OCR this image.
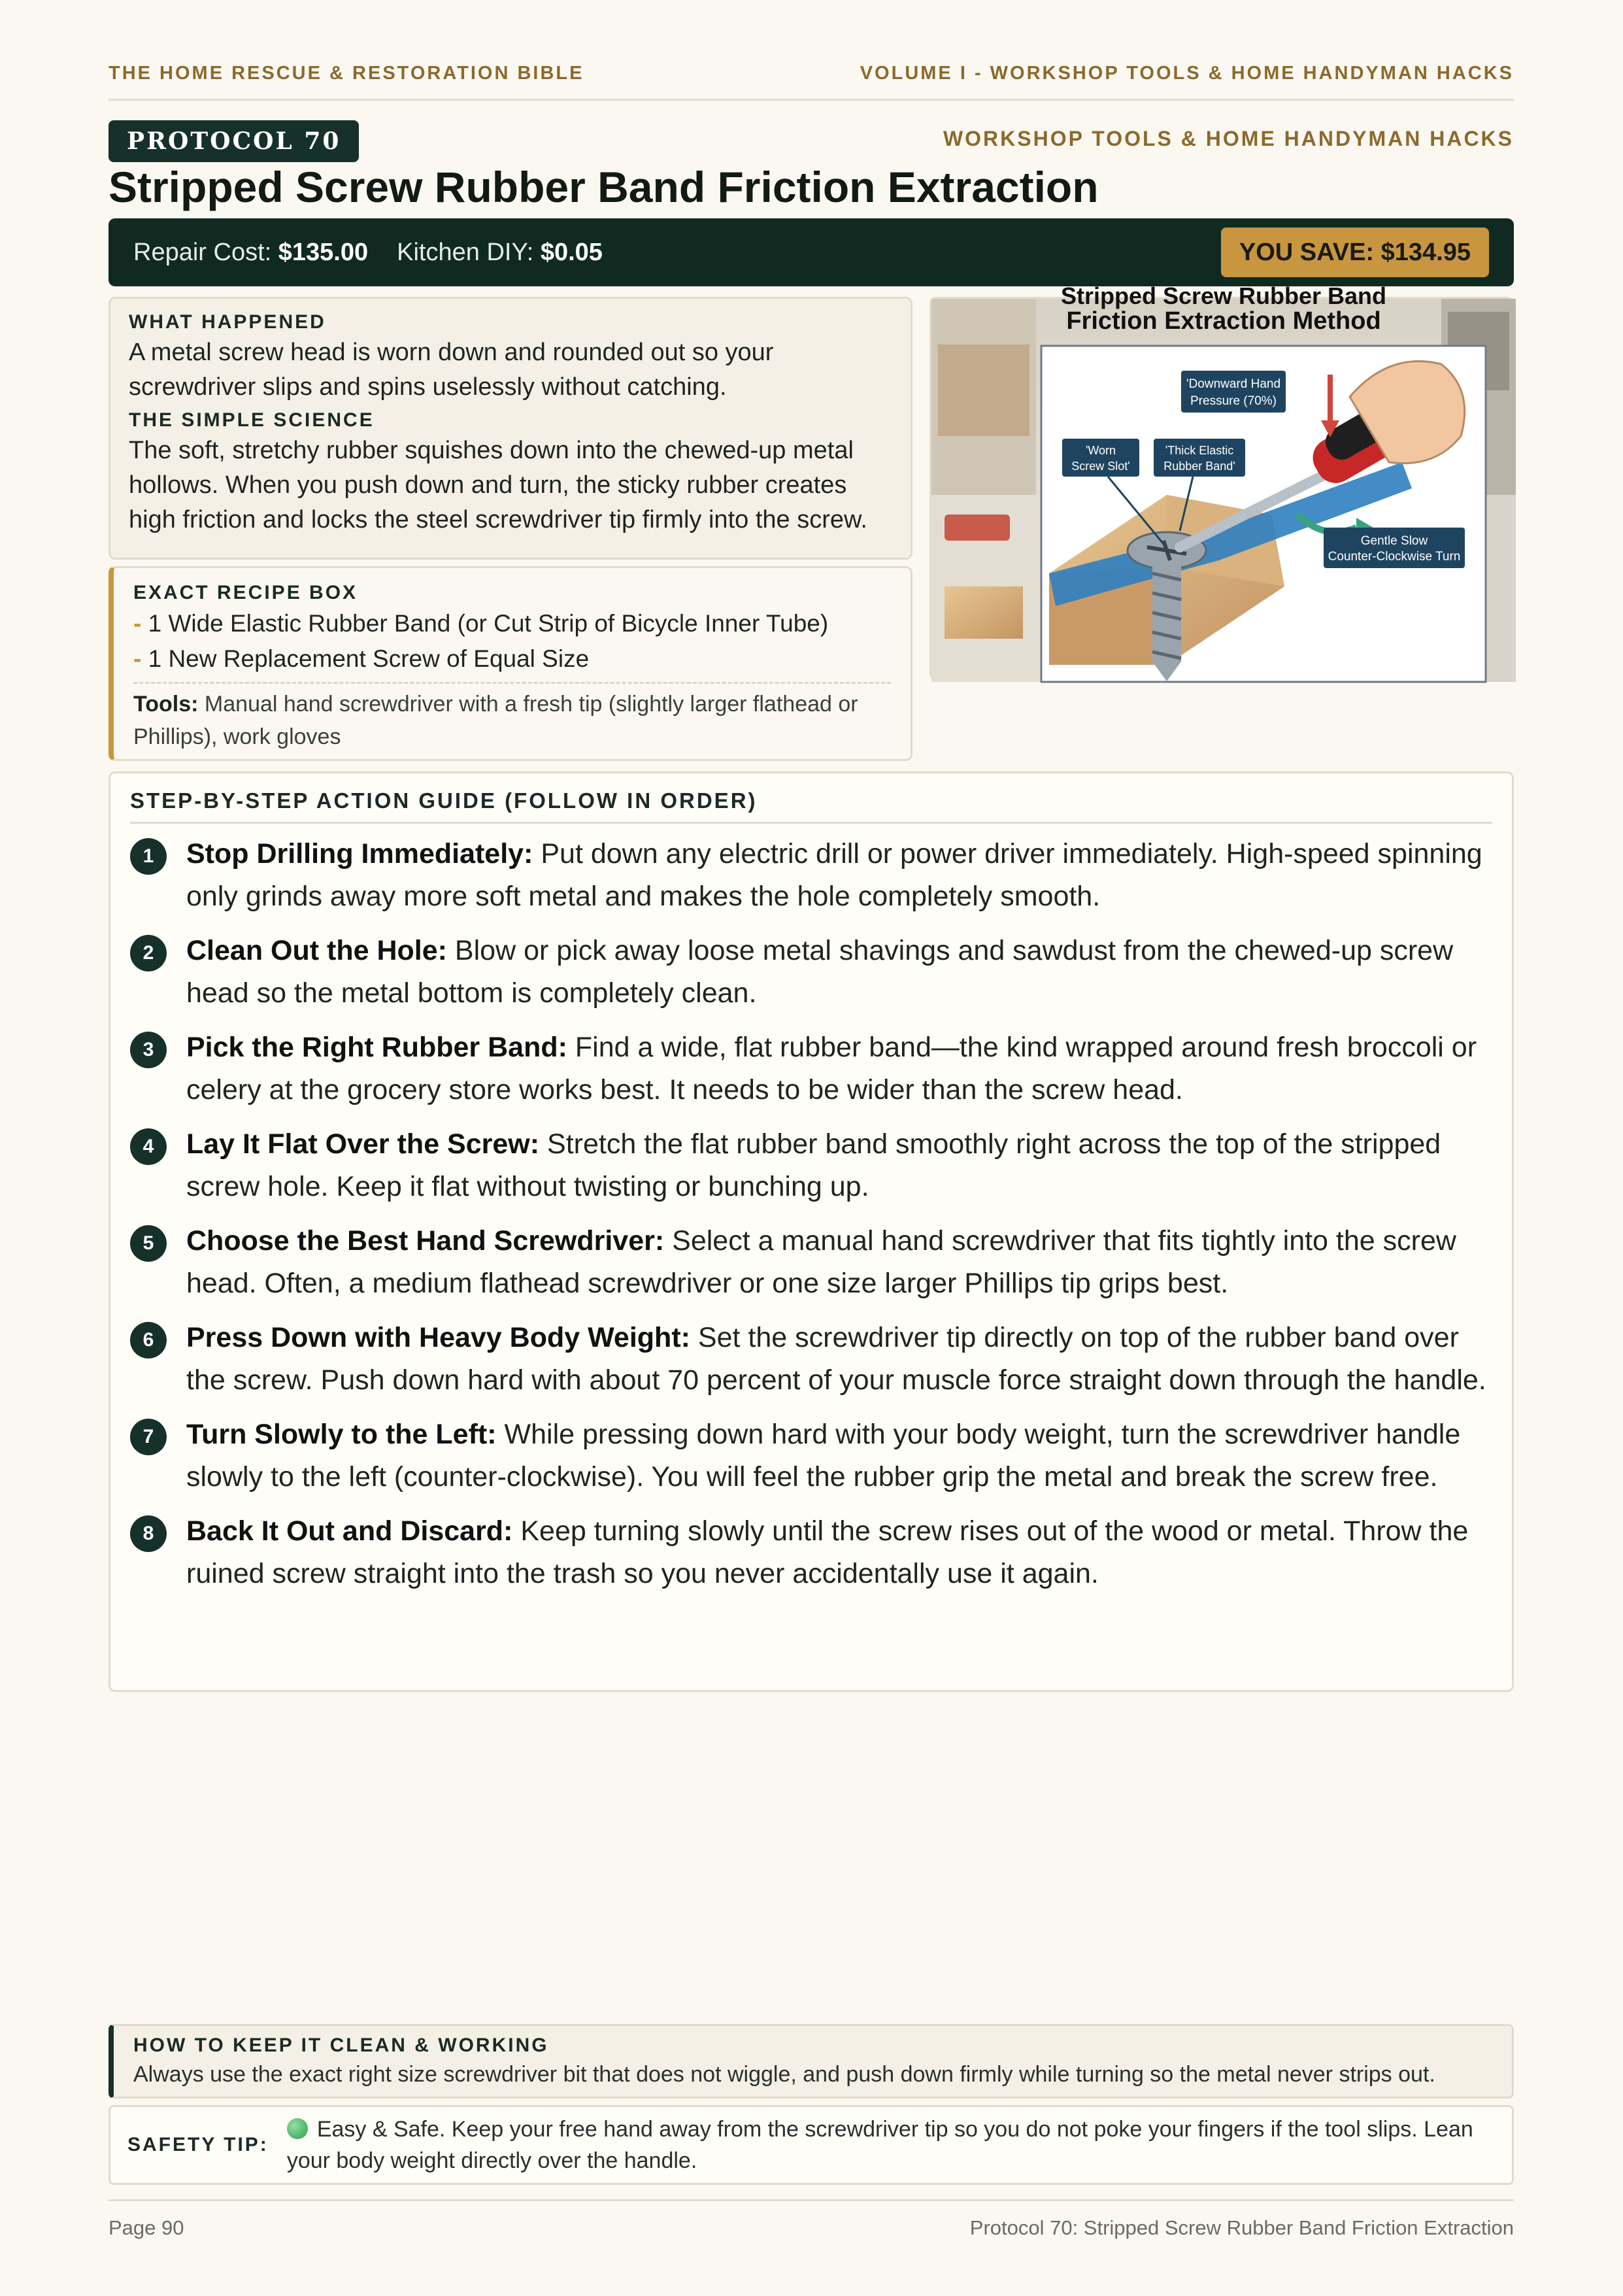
THE HOME RESCUE & RESTORATION BIBLE	VOLUME I - WORKSHOP TOOLS & HOME HANDYMAN HACKS
PROTOCOL 70	WORKSHOP TOOLS & HOME HANDYMAN HACKS
Stripped Screw Rubber Band Friction Extraction
Repair Cost: $135.00 Kitchen DIY: $0.05	YOU SAVE: $134.95
WHAT HAPPENED
A metal screw head is worn down and rounded out so your screwdriver slips and spins uselessly without catching.
THE SIMPLE SCIENCE
The soft, stretchy rubber squishes down into the chewed-up metal hollows. When you push down and turn, the sticky rubber creates high friction and locks the steel screwdriver tip firmly into the screw.
EXACT RECIPE BOX
- 1 Wide Elastic Rubber Band (or Cut Strip of Bicycle Inner Tube)
- 1 New Replacement Screw of Equal Size
Tools: Manual hand screwdriver with a fresh tip (slightly larger flathead or Phillips), work gloves
Stripped Screw Rubber Band
Friction Extraction Method
'Downward Hand
Pressure (70%)
'Worn
Screw Slot'
'Thick Elastic
Rubber Band'
Gentle Slow
Counter-Clockwise Turn
STEP-BY-STEP ACTION GUIDE (FOLLOW IN ORDER)
1	Stop Drilling Immediately: Put down any electric drill or power driver immediately. High-speed spinning only grinds away more soft metal and makes the hole completely smooth.
2	Clean Out the Hole: Blow or pick away loose metal shavings and sawdust from the chewed-up screw head so the metal bottom is completely clean.
3	Pick the Right Rubber Band: Find a wide, flat rubber band—the kind wrapped around fresh broccoli or celery at the grocery store works best. It needs to be wider than the screw head.
4	Lay It Flat Over the Screw: Stretch the flat rubber band smoothly right across the top of the stripped screw hole. Keep it flat without twisting or bunching up.
5	Choose the Best Hand Screwdriver: Select a manual hand screwdriver that fits tightly into the screw head. Often, a medium flathead screwdriver or one size larger Phillips tip grips best.
6	Press Down with Heavy Body Weight: Set the screwdriver tip directly on top of the rubber band over the screw. Push down hard with about 70 percent of your muscle force straight down through the handle.
7	Turn Slowly to the Left: While pressing down hard with your body weight, turn the screwdriver handle slowly to the left (counter-clockwise). You will feel the rubber grip the metal and break the screw free.
8	Back It Out and Discard: Keep turning slowly until the screw rises out of the wood or metal. Throw the ruined screw straight into the trash so you never accidentally use it again.
HOW TO KEEP IT CLEAN & WORKING
Always use the exact right size screwdriver bit that does not wiggle, and push down firmly while turning so the metal never strips out.
SAFETY TIP:
Easy & Safe. Keep your free hand away from the screwdriver tip so you do not poke your fingers if the tool slips. Lean your body weight directly over the handle.
Page 90	Protocol 70: Stripped Screw Rubber Band Friction Extraction
